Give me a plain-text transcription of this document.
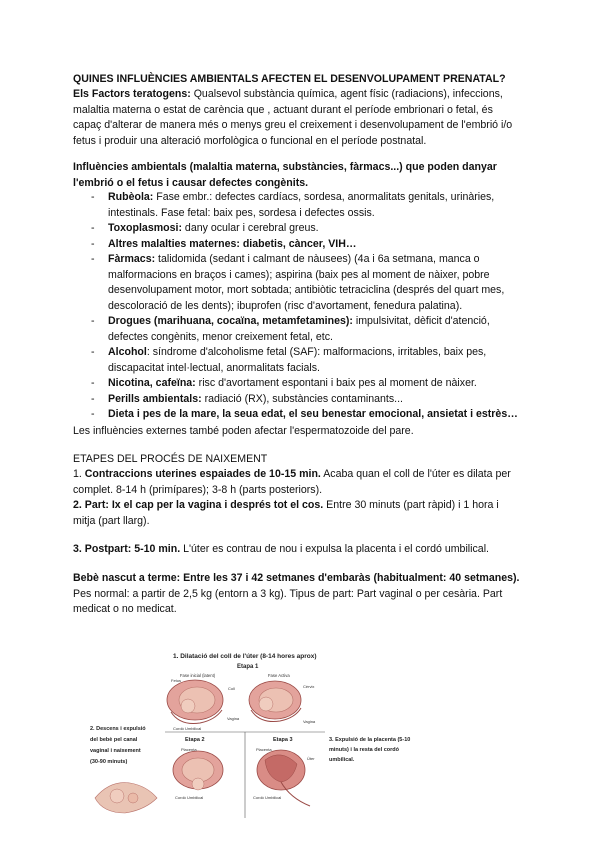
QUINES INFLUÈNCIES AMBIENTALS AFECTEN EL DESENVOLUPAMENT PRENATAL?

Els Factors teratogens: Qualsevol substància química, agent físic (radiacions), infeccions, malaltia materna o estat de carència que , actuant durant el període embrionari o fetal, és capaç d'alterar de manera més o menys greu el creixement i desenvolupament de l'embrió i/o fetus i produir una alteració morfològica o funcional en el període postnatal.

Influències ambientals (malaltia materna, substàncies, fàrmacs...) que poden danyar l'embrió o el fetus i causar defectes congènits.

- Rubèola: Fase embr.: defectes cardíacs, sordesa, anormalitats genitals, urinàries, intestinals. Fase fetal: baix pes, sordesa i defectes ossis.
- Toxoplasmosi: dany ocular i cerebral greus.
- Altres malalties maternes: diabetis, càncer, VIH…
- Fàrmacs: talidomida (sedant i calmant de nàusees) (4a i 6a setmana, manca o malformacions en braços i cames); aspirina (baix pes al moment de nàixer, pobre desenvolupament motor, mort sobtada; antibiòtic tetraciclina (després del quart mes, descoloració de les dents); ibuprofen (risc d'avortament, fenedura palatina).
- Drogues (marihuana, cocaïna, metamfetamines): impulsivitat, dèficit d'atenció, defectes congènits, menor creixement fetal, etc.
- Alcohol: síndrome d'alcoholisme fetal (SAF): malformacions, irritables, baix pes, discapacitat intel·lectual, anormalitats facials.
- Nicotina, cafeïna: risc d'avortament espontani i baix pes al moment de nàixer.
- Perills ambientals: radiació (RX), substàncies contaminants...
- Dieta i pes de la mare, la seua edat, el seu benestar emocional, ansietat i estrès…

Les influències externes també poden afectar l'espermatozoide del pare.

ETAPES DEL PROCÉS DE NAIXEMENT

1. Contraccions uterines espaiades de 10-15 min. Acaba quan el coll de l'úter es dilata per complet. 8-14 h (primípares); 3-8 h (parts posteriors).

2. Part: Ix el cap per la vagina i després tot el cos. Entre 30 minuts (part ràpid) i 1 hora i mitja (part llarg).

3. Postpart: 5-10 min. L'úter es contrau de nou i expulsa la placenta i el cordó umbilical.

Bebè nascut a terme: Entre les 37 i 42 setmanes d'embaràs (habitualment: 40 setmanes). Pes normal: a partir de 2,5 kg (entorn a 3 kg). Tipus de part: Part vaginal o per cesària. Part medicat o no medicat.

1. Dilatació del coll de l'úter (8-14 hores aprox)
Etapa 1
Fase inicial (latent)
Fetus
Coll
Cordó Umbilical
Vagina
Fase Activa
Cèrvix
Vagina
Etapa 2
Placenta
Cordó Umbilical
Etapa 3
Placenta
Úter
Cordó Umbilical
2. Descens i expulsió
del bebè pel canal
vaginal i naixement
(30-90 minuts)
3. Expulsió de la placenta (5-10
minuts) i la resta del cordó
umbilical.
